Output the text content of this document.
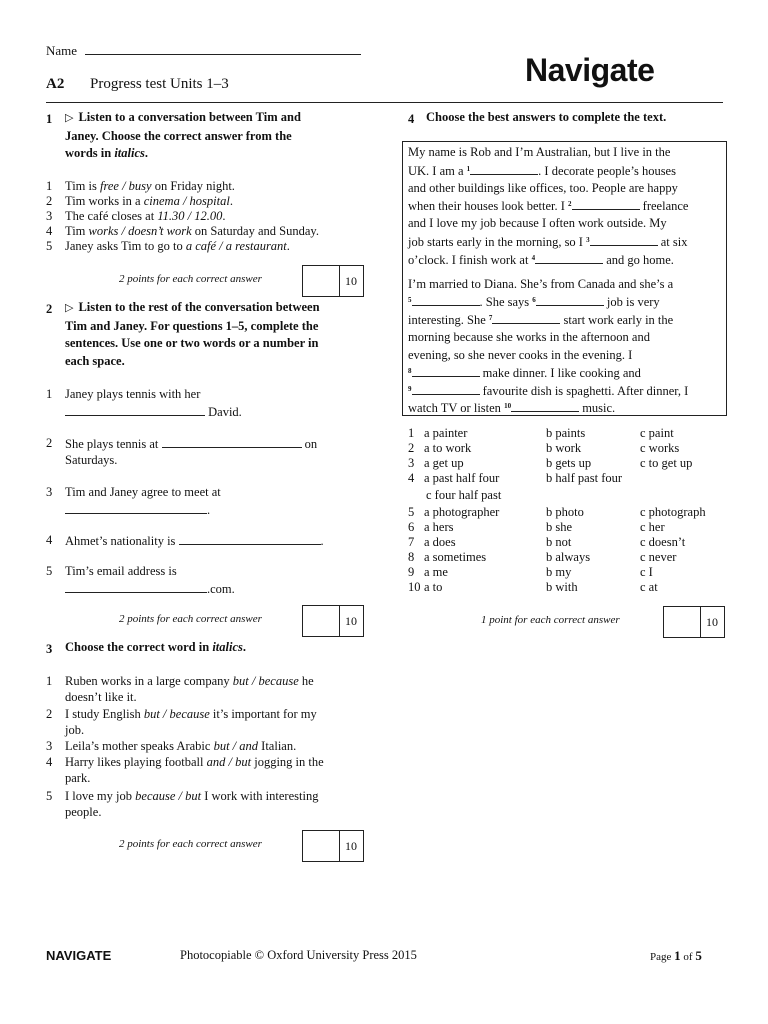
Name
A2 Progress test Units 1–3	Navigate
1 ▷ Listen to a conversation between Tim and
Janey. Choose the correct answer from the
words in italics.
1 Tim is free / busy on Friday night.
2 Tim works in a cinema / hospital.
3 The café closes at 11.30 / 12.00.
4 Tim works / doesn’t work on Saturday and Sunday.
5 Janey asks Tim to go to a café / a restaurant.
2 points for each correct answer	10
2 ▷ Listen to the rest of the conversation between
Tim and Janey. For questions 1–5, complete the
sentences. Use one or two words or a number in
each space.
1 Janey plays tennis with her
David.
2 She plays tennis at	on
Saturdays.
3 Tim and Janey agree to meet at
.
4 Ahmet’s nationality is	.
5 Tim’s email address is
.com.
2 points for each correct answer	10
3 Choose the correct word in italics.
1 Ruben works in a large company but / because he
doesn’t like it.
2 I study English but / because it’s important for my
job.
3 Leila’s mother speaks Arabic but / and Italian.
4 Harry likes playing football and / but jogging in the
park.
5 I love my job because / but I work with interesting
people.
2 points for each correct answer	10
4 Choose the best answers to complete the text.
My name is Rob and I’m Australian, but I live in the
UK. I am a $^1$	. I decorate people’s houses
and other buildings like offices, too. People are happy
when their houses look better. I $^2$	freelance
and I love my job because I often work outside. My
job starts early in the morning, so I $^3$	at six
o’clock. I finish work at $^4$	and go home.
I’m married to Diana. She’s from Canada and she’s a
$^5$	. She says $^6$	job is very
interesting. She $^7$	start work early in the
morning because she works in the afternoon and
evening, so she never cooks in the evening. I
$^8$	make dinner. I like cooking and
$^9$	favourite dish is spaghetti. After dinner, I
watch TV or listen $^{10}$	music.
1 a painter	b paints	c paint
2 a to work	b work	c works
3 a get up	b gets up	c to get up
4 a past half four	b half past four
c four half past
5 a photographer	b photo	c photograph
6 a hers	b she	c her
7 a does	b not	c doesn’t
8 a sometimes	b always	c never
9 a me	b my	c I
10 a to	b with	c at
1 point for each correct answer	10
NAVIGATE	Photocopiable © Oxford University Press 2015	Page 1 of 5
